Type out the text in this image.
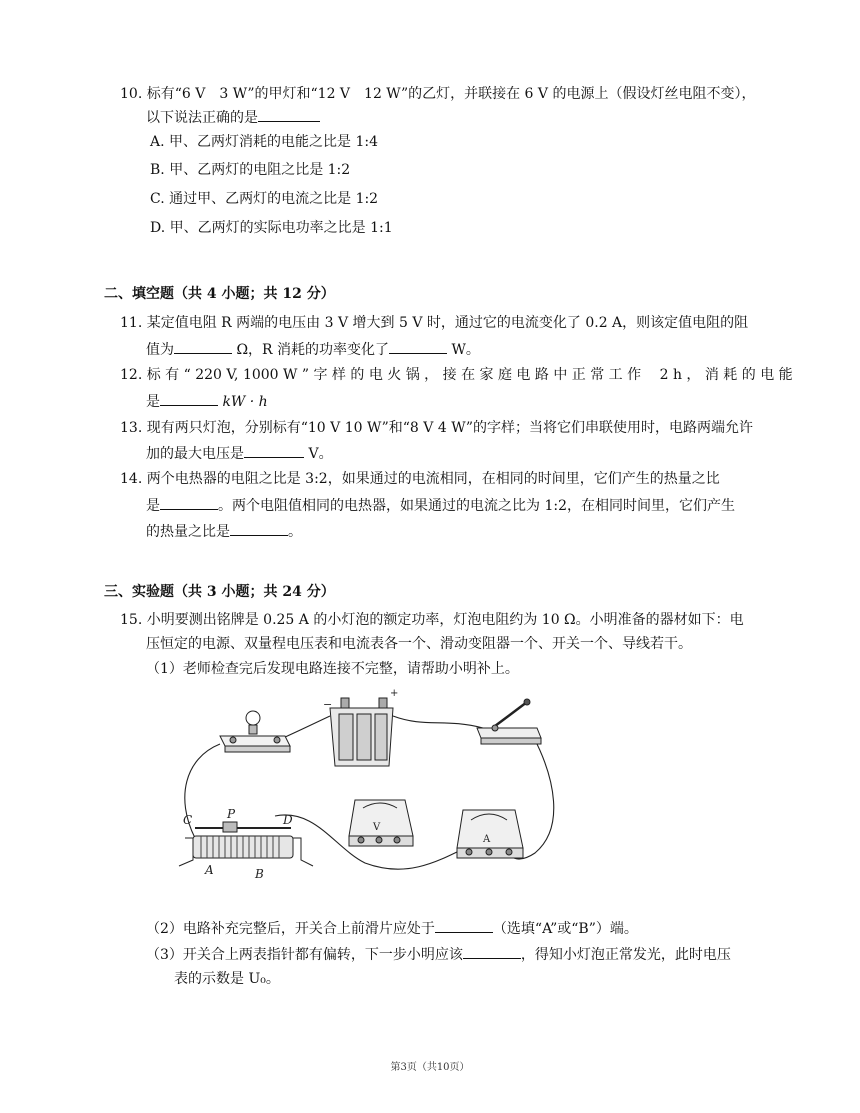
10. 标有“6 V　3 W”的甲灯和“12 V　12 W”的乙灯，并联接在 6 V 的电源上（假设灯丝电阻不变），
以下说法正确的是
A. 甲、乙两灯消耗的电能之比是 1:4
B. 甲、乙两灯的电阻之比是 1:2
C. 通过甲、乙两灯的电流之比是 1:2
D. 甲、乙两灯的实际电功率之比是 1:1
二、填空题（共 4 小题；共 12 分）
11. 某定值电阻 R 两端的电压由 3 V 增大到 5 V 时，通过它的电流变化了 0.2 A，则该定值电阻的阻
值为	Ω，R 消耗的功率变化了	W。
12. 标 有 “ 220 V, 1000 W ” 字 样 的 电 火 锅 ， 接 在 家 庭 电 路 中 正 常 工 作 　2 h ， 消 耗 的 电 能
是	kW · h
13. 现有两只灯泡，分别标有“10 V 10 W”和“8 V 4 W”的字样；当将它们串联使用时，电路两端允许
加的最大电压是	V。
14. 两个电热器的电阻之比是 3:2，如果通过的电流相同，在相同的时间里，它们产生的热量之比
是	。两个电阻值相同的电热器，如果通过的电流之比为 1:2，在相同时间里，它们产生
的热量之比是	。
三、实验题（共 3 小题；共 24 分）
15. 小明要测出铭牌是 0.25 A 的小灯泡的额定功率，灯泡电阻约为 10 Ω。小明准备的器材如下：电
压恒定的电源、双量程电压表和电流表各一个、滑动变阻器一个、开关一个、导线若干。
（1）老师检查完后发现电路连接不完整，请帮助小明补上。
−
+
V
A
C	D
P
A	B
（2）电路补充完整后，开关合上前滑片应处于	（选填“A”或“B”）端。
（3）开关合上两表指针都有偏转，下一步小明应该	，得知小灯泡正常发光，此时电压
表的示数是 U₀。
第3页（共10页）
